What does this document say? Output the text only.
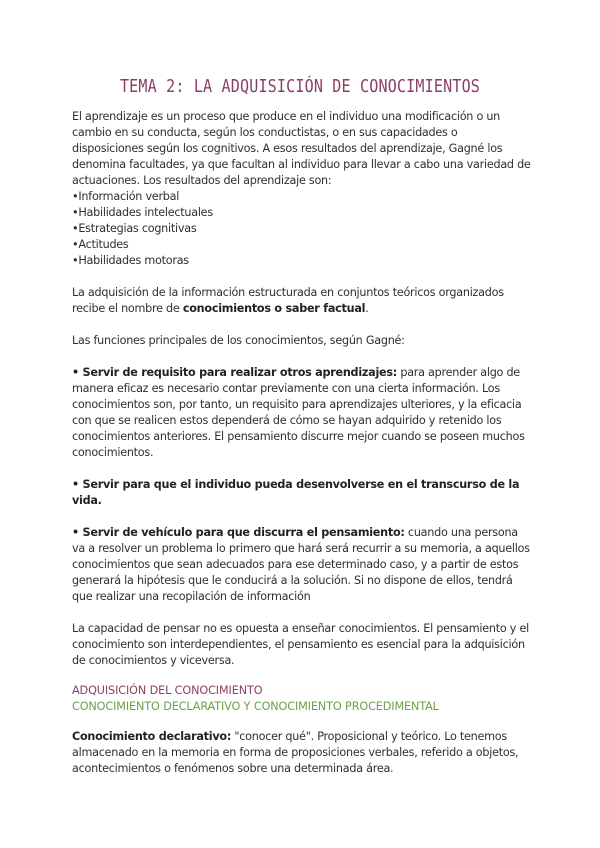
TEMA 2: LA ADQUISICIÓN DE CONOCIMIENTOS

El aprendizaje es un proceso que produce en el individuo una modificación o un cambio en su conducta, según los conductistas, o en sus capacidades o disposiciones según los cognitivos. A esos resultados del aprendizaje, Gagné los denomina facultades, ya que facultan al individuo para llevar a cabo una variedad de actuaciones. Los resultados del aprendizaje son:

• Información verbal
• Habilidades intelectuales
• Estrategias cognitivas
• Actitudes
• Habilidades motoras

La adquisición de la información estructurada en conjuntos teóricos organizados recibe el nombre de conocimientos o saber factual.

Las funciones principales de los conocimientos, según Gagné:

• Servir de requisito para realizar otros aprendizajes: para aprender algo de manera eficaz es necesario contar previamente con una cierta información. Los conocimientos son, por tanto, un requisito para aprendizajes ulteriores, y la eficacia con que se realicen estos dependerá de cómo se hayan adquirido y retenido los conocimientos anteriores. El pensamiento discurre mejor cuando se poseen muchos conocimientos.

• Servir para que el individuo pueda desenvolverse en el transcurso de la vida.

• Servir de vehículo para que discurra el pensamiento: cuando una persona va a resolver un problema lo primero que hará será recurrir a su memoria, a aquellos conocimientos que sean adecuados para ese determinado caso, y a partir de estos generará la hipótesis que le conducirá a la solución. Si no dispone de ellos, tendrá que realizar una recopilación de información

La capacidad de pensar no es opuesta a enseñar conocimientos. El pensamiento y el conocimiento son interdependientes, el pensamiento es esencial para la adquisición de conocimientos y viceversa.

ADQUISICIÓN DEL CONOCIMIENTO

CONOCIMIENTO DECLARATIVO Y CONOCIMIENTO PROCEDIMENTAL

Conocimiento declarativo: "conocer qué". Proposicional y teórico. Lo tenemos almacenado en la memoria en forma de proposiciones verbales, referido a objetos, acontecimientos o fenómenos sobre una determinada área.
